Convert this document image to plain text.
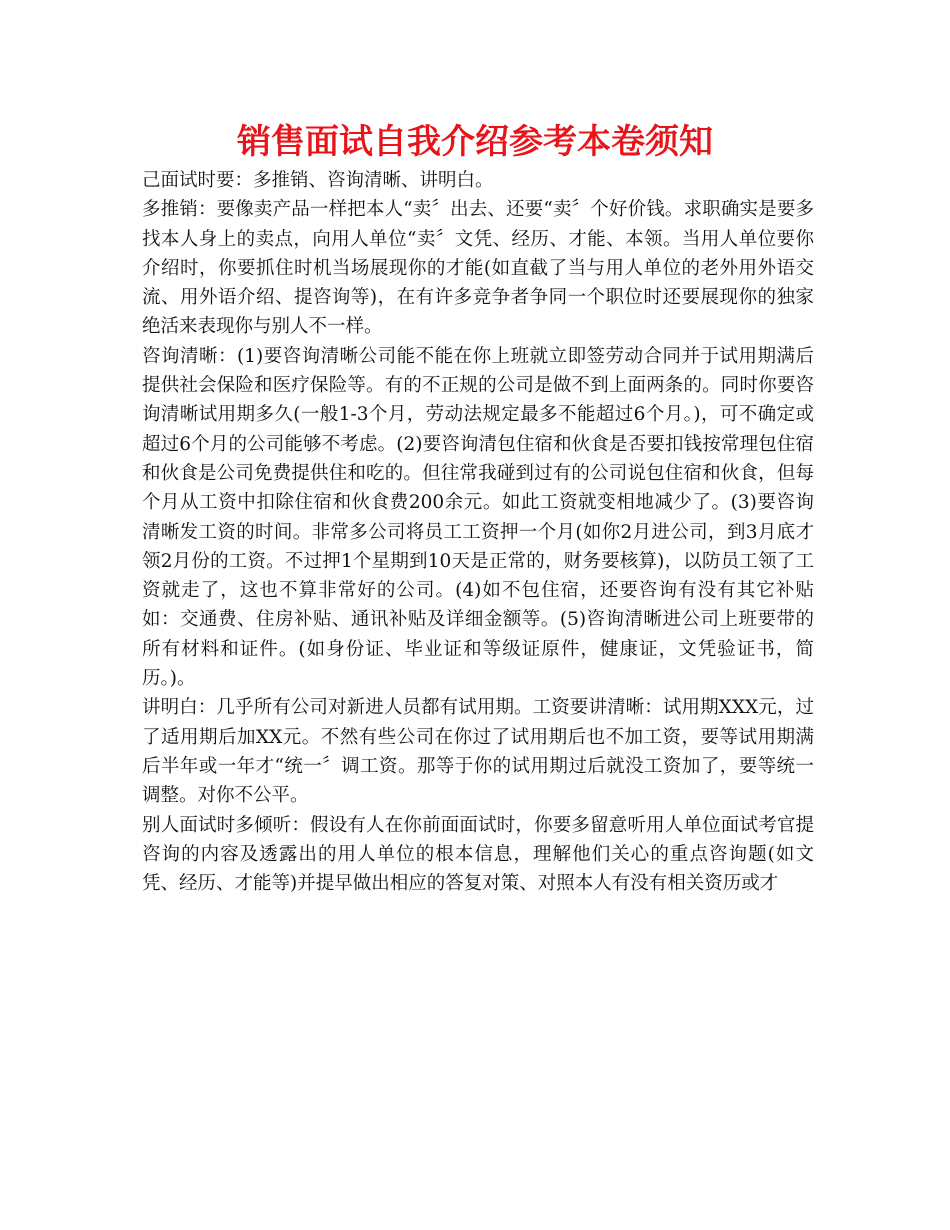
销售面试自我介绍参考本卷须知

己面试时要：多推销、咨询清晰、讲明白。

多推销：要像卖产品一样把本人“卖〞出去、还要“卖〞个好价钱。求职确实是要多找本人身上的卖点，向用人单位“卖〞文凭、经历、才能、本领。当用人单位要你介绍时，你要抓住时机当场展现你的才能(如直截了当与用人单位的老外用外语交流、用外语介绍、提咨询等)，在有许多竞争者争同一个职位时还要展现你的独家绝活来表现你与别人不一样。

咨询清晰：(1)要咨询清晰公司能不能在你上班就立即签劳动合同并于试用期满后提供社会保险和医疗保险等。有的不正规的公司是做不到上面两条的。同时你要咨询清晰试用期多久(一般1-3个月，劳动法规定最多不能超过6个月。)，可不确定或超过6个月的公司能够不考虑。(2)要咨询清包住宿和伙食是否要扣钱按常理包住宿和伙食是公司免费提供住和吃的。但往常我碰到过有的公司说包住宿和伙食，但每个月从工资中扣除住宿和伙食费200余元。如此工资就变相地减少了。(3)要咨询清晰发工资的时间。非常多公司将员工工资押一个月(如你2月进公司，到3月底才领2月份的工资。不过押1个星期到10天是正常的，财务要核算)，以防员工领了工资就走了，这也不算非常好的公司。(4)如不包住宿，还要咨询有没有其它补贴如：交通费、住房补贴、通讯补贴及详细金额等。(5)咨询清晰进公司上班要带的所有材料和证件。(如身份证、毕业证和等级证原件，健康证，文凭验证书，简历。)。

讲明白：几乎所有公司对新进人员都有试用期。工资要讲清晰：试用期XXX元，过了适用期后加XX元。不然有些公司在你过了试用期后也不加工资，要等试用期满后半年或一年才“统一〞调工资。那等于你的试用期过后就没工资加了，要等统一调整。对你不公平。

别人面试时多倾听：假设有人在你前面面试时，你要多留意听用人单位面试考官提咨询的内容及透露出的用人单位的根本信息，理解他们关心的重点咨询题(如文凭、经历、才能等)并提早做出相应的答复对策、对照本人有没有相关资历或才
